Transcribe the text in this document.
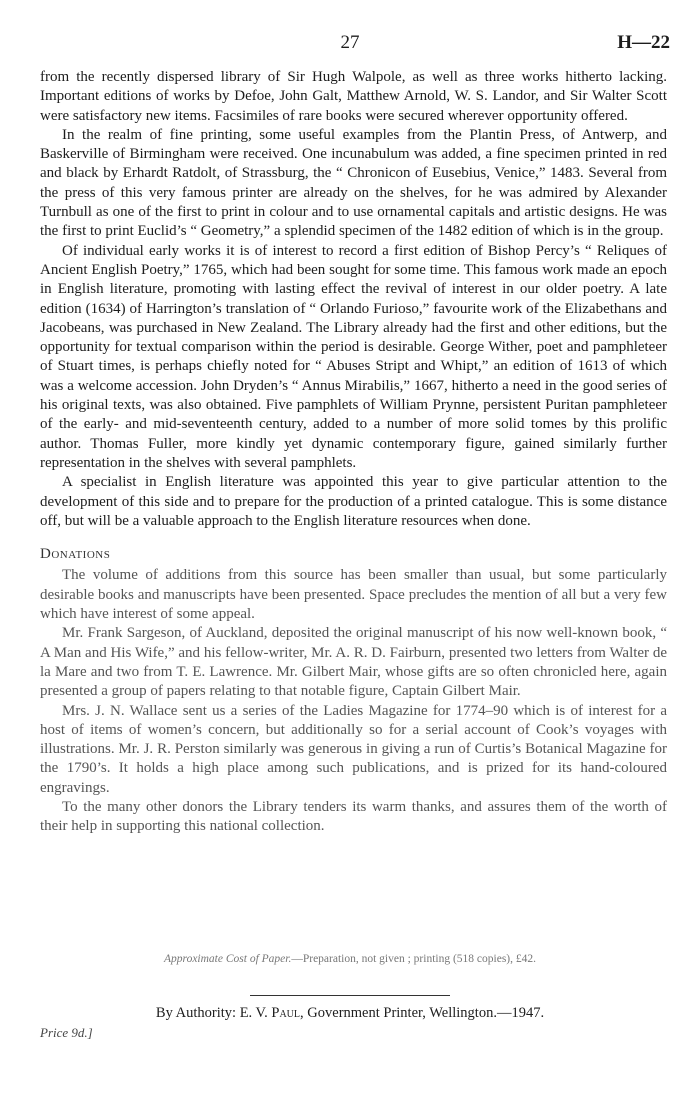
27	H—22

from the recently dispersed library of Sir Hugh Walpole, as well as three works hitherto lacking. Important editions of works by Defoe, John Galt, Matthew Arnold, W. S. Landor, and Sir Walter Scott were satisfactory new items. Facsimiles of rare books were secured wherever opportunity offered.

In the realm of fine printing, some useful examples from the Plantin Press, of Antwerp, and Baskerville of Birmingham were received. One incunabulum was added, a fine specimen printed in red and black by Erhardt Ratdolt, of Strassburg, the “ Chronicon of Eusebius, Venice,” 1483. Several from the press of this very famous printer are already on the shelves, for he was admired by Alexander Turnbull as one of the first to print in colour and to use ornamental capitals and artistic designs. He was the first to print Euclid’s “ Geometry,” a splendid specimen of the 1482 edition of which is in the group.

Of individual early works it is of interest to record a first edition of Bishop Percy’s “ Reliques of Ancient English Poetry,” 1765, which had been sought for some time. This famous work made an epoch in English literature, promoting with lasting effect the revival of interest in our older poetry. A late edition (1634) of Harrington’s translation of “ Orlando Furioso,” favourite work of the Elizabethans and Jacobeans, was purchased in New Zealand. The Library already had the first and other editions, but the opportunity for textual comparison within the period is desirable. George Wither, poet and pamphleteer of Stuart times, is perhaps chiefly noted for “ Abuses Stript and Whipt,” an edition of 1613 of which was a welcome accession. John Dryden’s “ Annus Mirabilis,” 1667, hitherto a need in the good series of his original texts, was also obtained. Five pamphlets of William Prynne, persistent Puritan pamphleteer of the early- and mid-seventeenth century, added to a number of more solid tomes by this prolific author. Thomas Fuller, more kindly yet dynamic contemporary figure, gained similarly further representation in the shelves with several pamphlets.

A specialist in English literature was appointed this year to give particular attention to the development of this side and to prepare for the production of a printed catalogue. This is some distance off, but will be a valuable approach to the English literature resources when done.

Donations

The volume of additions from this source has been smaller than usual, but some particularly desirable books and manuscripts have been presented. Space precludes the mention of all but a very few which have interest of some appeal.

Mr. Frank Sargeson, of Auckland, deposited the original manuscript of his now well-known book, “ A Man and His Wife,” and his fellow-writer, Mr. A. R. D. Fairburn, presented two letters from Walter de la Mare and two from T. E. Lawrence. Mr. Gilbert Mair, whose gifts are so often chronicled here, again presented a group of papers relating to that notable figure, Captain Gilbert Mair.

Mrs. J. N. Wallace sent us a series of the Ladies Magazine for 1774–90 which is of interest for a host of items of women’s concern, but additionally so for a serial account of Cook’s voyages with illustrations. Mr. J. R. Perston similarly was generous in giving a run of Curtis’s Botanical Magazine for the 1790’s. It holds a high place among such publications, and is prized for its hand-coloured engravings.

To the many other donors the Library tenders its warm thanks, and assures them of the worth of their help in supporting this national collection.

Approximate Cost of Paper.—Preparation, not given ; printing (518 copies), £42.
By Authority: E. V. Paul, Government Printer, Wellington.—1947.
Price 9d.]
